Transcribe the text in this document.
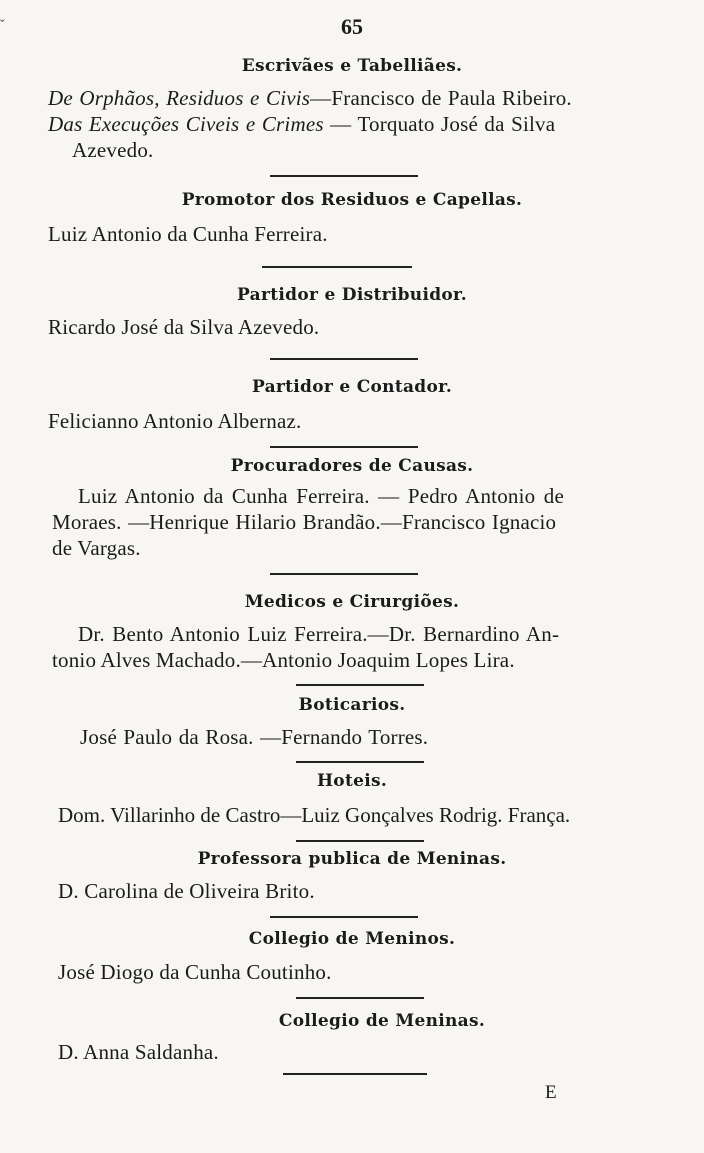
ˇ	65
Escrivães e Tabelliães.
De Orphãos, Residuos e Civis—Francisco de Paula Ribeiro.
Das Execuções Civeis e Crimes — Torquato José da Silva
Azevedo.
Promotor dos Residuos e Capellas.
Luiz Antonio da Cunha Ferreira.
Partidor e Distribuidor.
Ricardo José da Silva Azevedo.
Partidor e Contador.
Felicianno Antonio Albernaz.
Procuradores de Causas.
Luiz Antonio da Cunha Ferreira. — Pedro Antonio de
Moraes. —Henrique Hilario Brandão.—Francisco Ignacio
de Vargas.
Medicos e Cirurgiões.
Dr. Bento Antonio Luiz Ferreira.—Dr. Bernardino An-
tonio Alves Machado.—Antonio Joaquim Lopes Lira.
Boticarios.
José Paulo da Rosa. —Fernando Torres.
Hoteis.
Dom. Villarinho de Castro—Luiz Gonçalves Rodrig. França.
Professora publica de Meninas.
D. Carolina de Oliveira Brito.
Collegio de Meninos.
José Diogo da Cunha Coutinho.
Collegio de Meninas.
D. Anna Saldanha.
E
